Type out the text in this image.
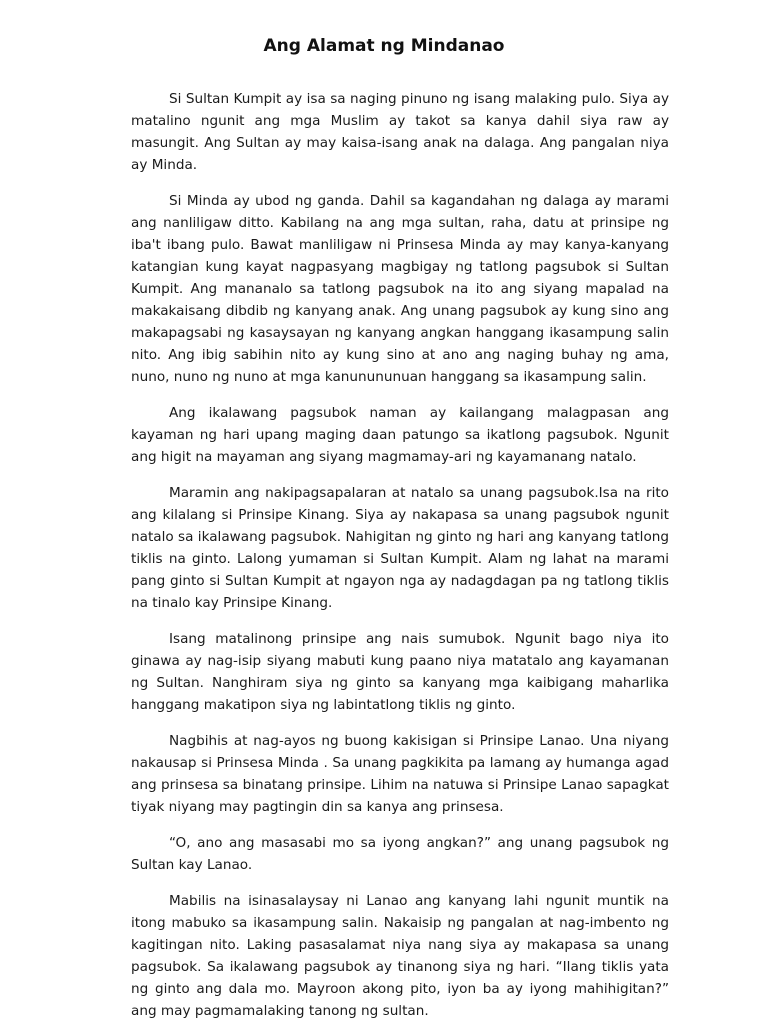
Ang Alamat ng Mindanao

Si Sultan Kumpit ay isa sa naging pinuno ng isang malaking pulo. Siya ay matalino ngunit ang mga Muslim ay takot sa kanya dahil siya raw ay masungit. Ang Sultan ay may kaisa-isang anak na dalaga. Ang pangalan niya ay Minda.

Si Minda ay ubod ng ganda. Dahil sa kagandahan ng dalaga ay marami ang nanliligaw ditto. Kabilang na ang mga sultan, raha, datu at prinsipe ng iba't ibang pulo. Bawat manliligaw ni Prinsesa Minda ay may kanya-kanyang katangian kung kayat nagpasyang magbigay ng tatlong pagsubok si Sultan Kumpit. Ang mananalo sa tatlong pagsubok na ito ang siyang mapalad na makakaisang dibdib ng kanyang anak. Ang unang pagsubok ay kung sino ang makapagsabi ng kasaysayan ng kanyang angkan hanggang ikasampung salin nito. Ang ibig sabihin nito ay kung sino at ano ang naging buhay ng ama, nuno, nuno ng nuno at mga kanunununuan hanggang sa ikasampung salin.

Ang ikalawang pagsubok naman ay kailangang malagpasan ang kayaman ng hari upang maging daan patungo sa ikatlong pagsubok. Ngunit ang higit na mayaman ang siyang magmamay-ari ng kayamanang natalo.

Maramin ang nakipagsapalaran at natalo sa unang pagsubok.Isa na rito ang kilalang si Prinsipe Kinang. Siya ay nakapasa sa unang pagsubok ngunit natalo sa ikalawang pagsubok. Nahigitan ng ginto ng hari ang kanyang tatlong tiklis na ginto. Lalong yumaman si Sultan Kumpit. Alam ng lahat na marami pang ginto si Sultan Kumpit at ngayon nga ay nadagdagan pa ng tatlong tiklis na tinalo kay Prinsipe Kinang.

Isang matalinong prinsipe ang nais sumubok. Ngunit bago niya ito ginawa ay nag-isip siyang mabuti kung paano niya matatalo ang kayamanan ng Sultan. Nanghiram siya ng ginto sa kanyang mga kaibigang maharlika hanggang makatipon siya ng labintatlong tiklis ng ginto.

Nagbihis at nag-ayos ng buong kakisigan si Prinsipe Lanao. Una niyang nakausap si Prinsesa Minda . Sa unang pagkikita pa lamang ay humanga agad ang prinsesa sa binatang prinsipe. Lihim na natuwa si Prinsipe Lanao sapagkat tiyak niyang may pagtingin din sa kanya ang prinsesa.

“O, ano ang masasabi mo sa iyong angkan?” ang unang pagsubok ng Sultan kay Lanao.

Mabilis na isinasalaysay ni Lanao ang kanyang lahi ngunit muntik na itong mabuko sa ikasampung salin. Nakaisip ng pangalan at nag-imbento ng kagitingan nito. Laking pasasalamat niya nang siya ay makapasa sa unang pagsubok. Sa ikalawang pagsubok ay tinanong siya ng hari. “Ilang tiklis yata ng ginto ang dala mo. Mayroon akong pito, iyon ba ay iyong mahihigitan?” ang may pagmamalaking tanong ng sultan.
